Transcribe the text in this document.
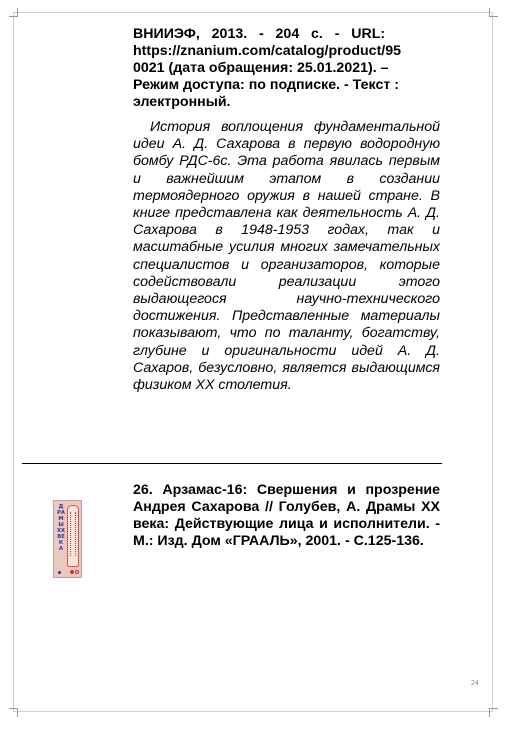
ВНИИЭФ,   2013.   -   204   с.   -   URL:
https://znanium.com/catalog/product/95
0021 (дата обращения: 25.01.2021). –
Режим доступа: по подписке. - Текст :
электронный.

История воплощения фундаментальной идеи А. Д. Сахарова в первую водородную бомбу РДС-6с. Эта работа явилась первым и важнейшим этапом в создании термоядерного оружия в нашей стране. В книге представлена как деятельность А. Д. Сахарова в 1948-1953 годах, так и масштабные усилия многих замечательных специалистов и организаторов, которые содействовали реализации этого выдающегося научно-технического достижения. Представленные материалы показывают, что по таланту, богатству, глубине и оригинальности идей А. Д. Сахаров, безусловно, является выдающимся физиком XX столетия.

ДРАМЫ XX ВЕКА

26. Арзамас-16: Свершения и прозрение Андрея Сахарова // Голубев, А. Драмы XX века: Действующие лица и исполнители. - М.: Изд. Дом «ГРААЛЬ», 2001. - С.125-136.

24
